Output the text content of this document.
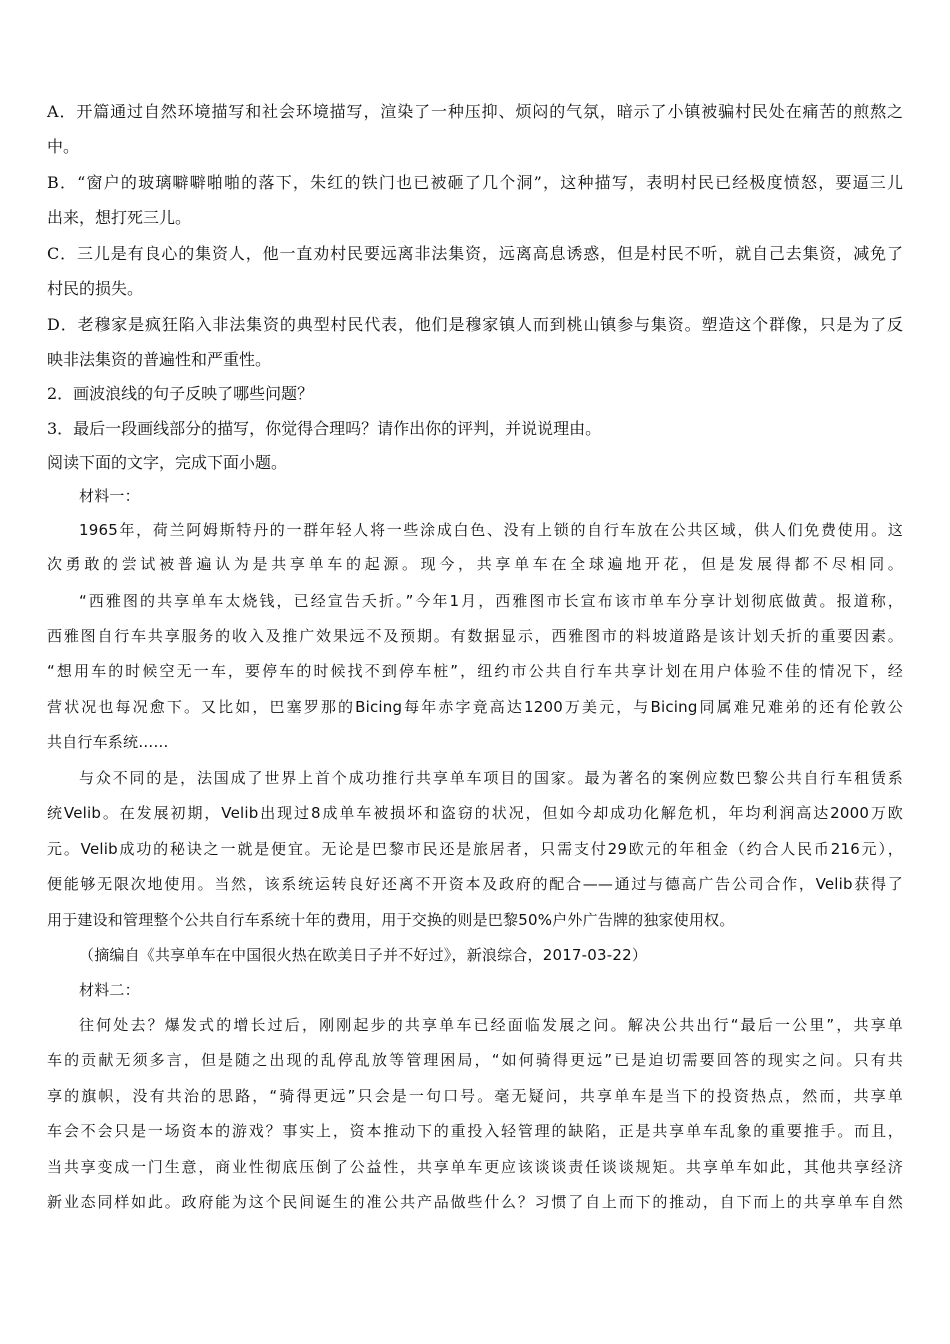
A．开篇通过自然环境描写和社会环境描写，渲染了一种压抑、烦闷的气氛，暗示了小镇被骗村民处在痛苦的煎熬之
中。
B．“窗户的玻璃噼噼啪啪的落下，朱红的铁门也已被砸了几个洞”，这种描写，表明村民已经极度愤怒，要逼三儿
出来，想打死三儿。
C．三儿是有良心的集资人，他一直劝村民要远离非法集资，远离高息诱惑，但是村民不听，就自己去集资，减免了
村民的损失。
D．老穆家是疯狂陷入非法集资的典型村民代表，他们是穆家镇人而到桃山镇参与集资。塑造这个群像，只是为了反
映非法集资的普遍性和严重性。
2．画波浪线的句子反映了哪些问题？
3．最后一段画线部分的描写，你觉得合理吗？请作出你的评判，并说说理由。
阅读下面的文字，完成下面小题。
材料一：
1965年，荷兰阿姆斯特丹的一群年轻人将一些涂成白色、没有上锁的自行车放在公共区域，供人们免费使用。这
次勇敢的尝试被普遍认为是共享单车的起源。现今，共享单车在全球遍地开花，但是发展得都不尽相同。
“西雅图的共享单车太烧钱，已经宣告夭折。”今年1月，西雅图市长宣布该市单车分享计划彻底做黄。报道称，
西雅图自行车共享服务的收入及推广效果远不及预期。有数据显示，西雅图市的料坡道路是该计划夭折的重要因素。
“想用车的时候空无一车，要停车的时候找不到停车桩”，纽约市公共自行车共享计划在用户体验不佳的情况下，经
营状况也每况愈下。又比如，巴塞罗那的Bicing每年赤字竟高达1200万美元，与Bicing同属难兄难弟的还有伦敦公
共自行车系统……
与众不同的是，法国成了世界上首个成功推行共享单车项目的国家。最为著名的案例应数巴黎公共自行车租赁系
统Velib。在发展初期，Velib出现过8成单车被损坏和盗窃的状况，但如今却成功化解危机，年均利润高达2000万欧
元。Velib成功的秘诀之一就是便宜。无论是巴黎市民还是旅居者，只需支付29欧元的年租金（约合人民币216元），
便能够无限次地使用。当然，该系统运转良好还离不开资本及政府的配合——通过与德高广告公司合作，Velib获得了
用于建设和管理整个公共自行车系统十年的费用，用于交换的则是巴黎50%户外广告牌的独家使用权。
（摘编自《共享单车在中国很火热在欧美日子并不好过》，新浪综合，2017-03-22）
材料二：
往何处去？爆发式的增长过后，刚刚起步的共享单车已经面临发展之问。解决公共出行“最后一公里”，共享单
车的贡献无须多言，但是随之出现的乱停乱放等管理困局，“如何骑得更远”已是迫切需要回答的现实之问。只有共
享的旗帜，没有共治的思路，“骑得更远”只会是一句口号。毫无疑问，共享单车是当下的投资热点，然而，共享单
车会不会只是一场资本的游戏？事实上，资本推动下的重投入轻管理的缺陷，正是共享单车乱象的重要推手。而且，
当共享变成一门生意，商业性彻底压倒了公益性，共享单车更应该谈谈责任谈谈规矩。共享单车如此，其他共享经济
新业态同样如此。政府能为这个民间诞生的准公共产品做些什么？习惯了自上而下的推动，自下而上的共享单车自然
